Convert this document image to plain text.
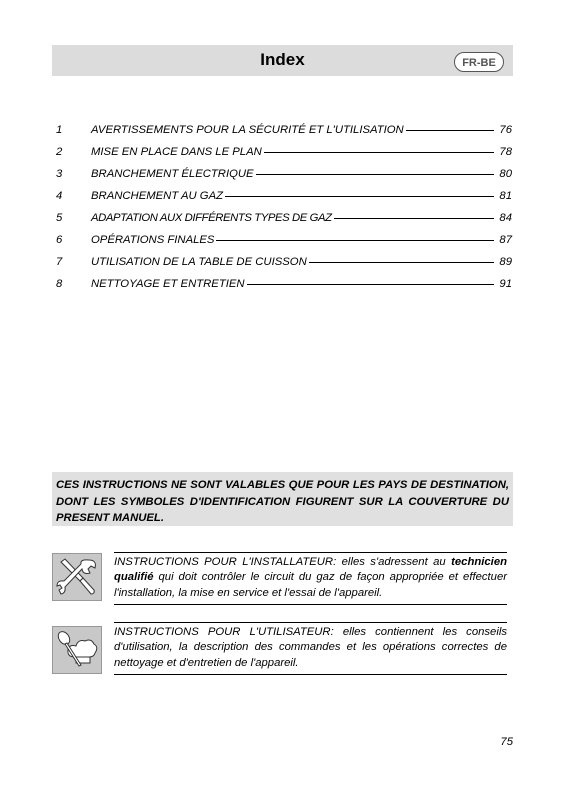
Index	FR-BE
1	AVERTISSEMENTS POUR LA SÉCURITÉ ET L'UTILISATION	76
2	MISE EN PLACE DANS LE PLAN	78
3	BRANCHEMENT ÉLECTRIQUE	80
4	BRANCHEMENT AU GAZ	81
5	ADAPTATION AUX DIFFÉRENTS TYPES DE GAZ	84
6	OPÉRATIONS FINALES	87
7	UTILISATION DE LA TABLE DE CUISSON	89
8	NETTOYAGE ET ENTRETIEN	91
CES INSTRUCTIONS NE SONT VALABLES QUE POUR LES PAYS DE DESTINATION, DONT LES SYMBOLES D'IDENTIFICATION FIGURENT SUR LA COUVERTURE DU PRESENT MANUEL.
INSTRUCTIONS POUR L'INSTALLATEUR: elles s'adressent au technicien qualifié qui doit contrôler le circuit du gaz de façon appropriée et effectuer l'installation, la mise en service et l'essai de l'appareil.
INSTRUCTIONS POUR L'UTILISATEUR: elles contiennent les conseils d'utilisation, la description des commandes et les opérations correctes de nettoyage et d'entretien de l'appareil.
75
